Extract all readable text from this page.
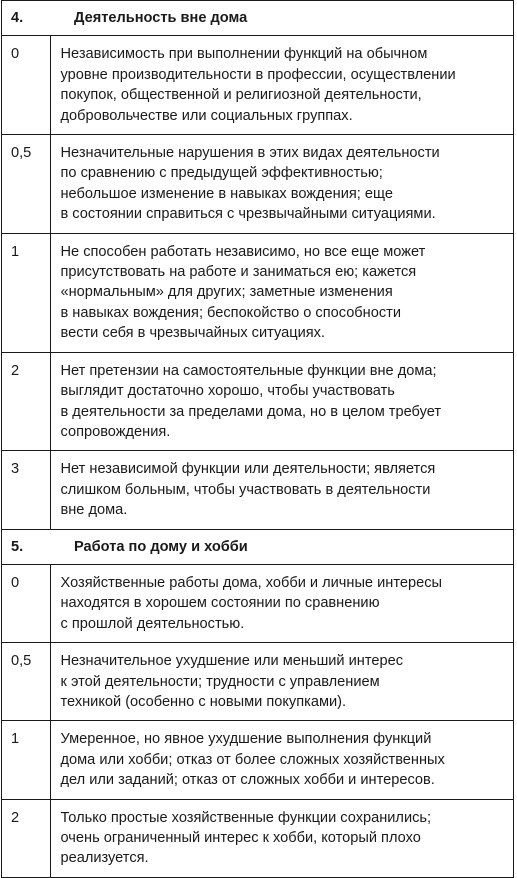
4. Деятельность вне дома	
0	Независимость при выполнении функций на обычном
уровне производительности в профессии, осуществлении
покупок, общественной и религиозной деятельности,
добровольчестве или социальных группах.

0,5	Незначительные нарушения в этих видах деятельности
по сравнению с предыдущей эффективностью;
небольшое изменение в навыках вождения; еще
в состоянии справиться с чрезвычайными ситуациями.

1	Не способен работать независимо, но все еще может
присутствовать на работе и заниматься ею; кажется
«нормальным» для других; заметные изменения
в навыках вождения; беспокойство о способности
вести себя в чрезвычайных ситуациях.

2	Нет претензии на самостоятельные функции вне дома;
выглядит достаточно хорошо, чтобы участвовать
в деятельности за пределами дома, но в целом требует
сопровождения.

3	Нет независимой функции или деятельности; является
слишком больным, чтобы участвовать в деятельности
вне дома.

5. Работа по дому и хобби	
0	Хозяйственные работы дома, хобби и личные интересы
находятся в хорошем состоянии по сравнению
с прошлой деятельностью.

0,5	Незначительное ухудшение или меньший интерес
к этой деятельности; трудности с управлением
техникой (особенно с новыми покупками).

1	Умеренное, но явное ухудшение выполнения функций
дома или хобби; отказ от более сложных хозяйственных
дел или заданий; отказ от сложных хобби и интересов.

2	Только простые хозяйственные функции сохранились;
очень ограниченный интерес к хобби, который плохо
реализуется.
